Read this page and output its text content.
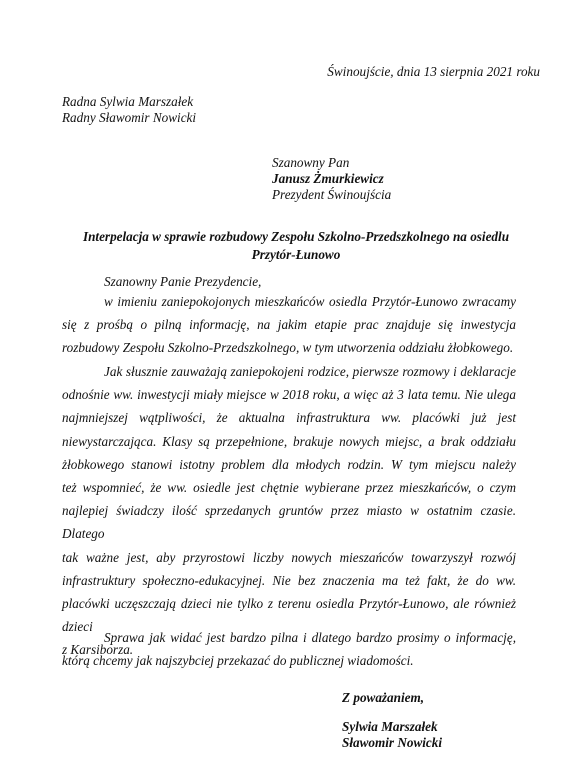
Świnoujście, dnia 13 sierpnia 2021 roku
Radna Sylwia Marszałek
Radny Sławomir Nowicki
Szanowny Pan
Janusz Żmurkiewicz
Prezydent Świnoujścia
Interpelacja w sprawie rozbudowy Zespołu Szkolno-Przedszkolnego na osiedlu
Przytór-Łunowo
Szanowny Panie Prezydencie,
w imieniu zaniepokojonych mieszkańców osiedla Przytór-Łunowo zwracamy
się z prośbą o pilną informację, na jakim etapie prac znajduje się inwestycja
rozbudowy Zespołu Szkolno-Przedszkolnego, w tym utworzenia oddziału żłobkowego.
Jak słusznie zauważają zaniepokojeni rodzice, pierwsze rozmowy i deklaracje
odnośnie ww. inwestycji miały miejsce w 2018 roku, a więc aż 3 lata temu. Nie ulega
najmniejszej wątpliwości, że aktualna infrastruktura ww. placówki już jest
niewystarczająca. Klasy są przepełnione, brakuje nowych miejsc, a brak oddziału
żłobkowego stanowi istotny problem dla młodych rodzin. W tym miejscu należy
też wspomnieć, że ww. osiedle jest chętnie wybierane przez mieszkańców, o czym
najlepiej świadczy ilość sprzedanych gruntów przez miasto w ostatnim czasie. Dlatego
tak ważne jest, aby przyrostowi liczby nowych mieszańców towarzyszył rozwój
infrastruktury społeczno-edukacyjnej. Nie bez znaczenia ma też fakt, że do ww.
placówki uczęszczają dzieci nie tylko z terenu osiedla Przytór-Łunowo, ale również
dzieci
z Karsiborza.
Sprawa jak widać jest bardzo pilna i dlatego bardzo prosimy o informację,
którą chcemy jak najszybciej przekazać do publicznej wiadomości.
Z poważaniem,
Sylwia Marszałek
Sławomir Nowicki
